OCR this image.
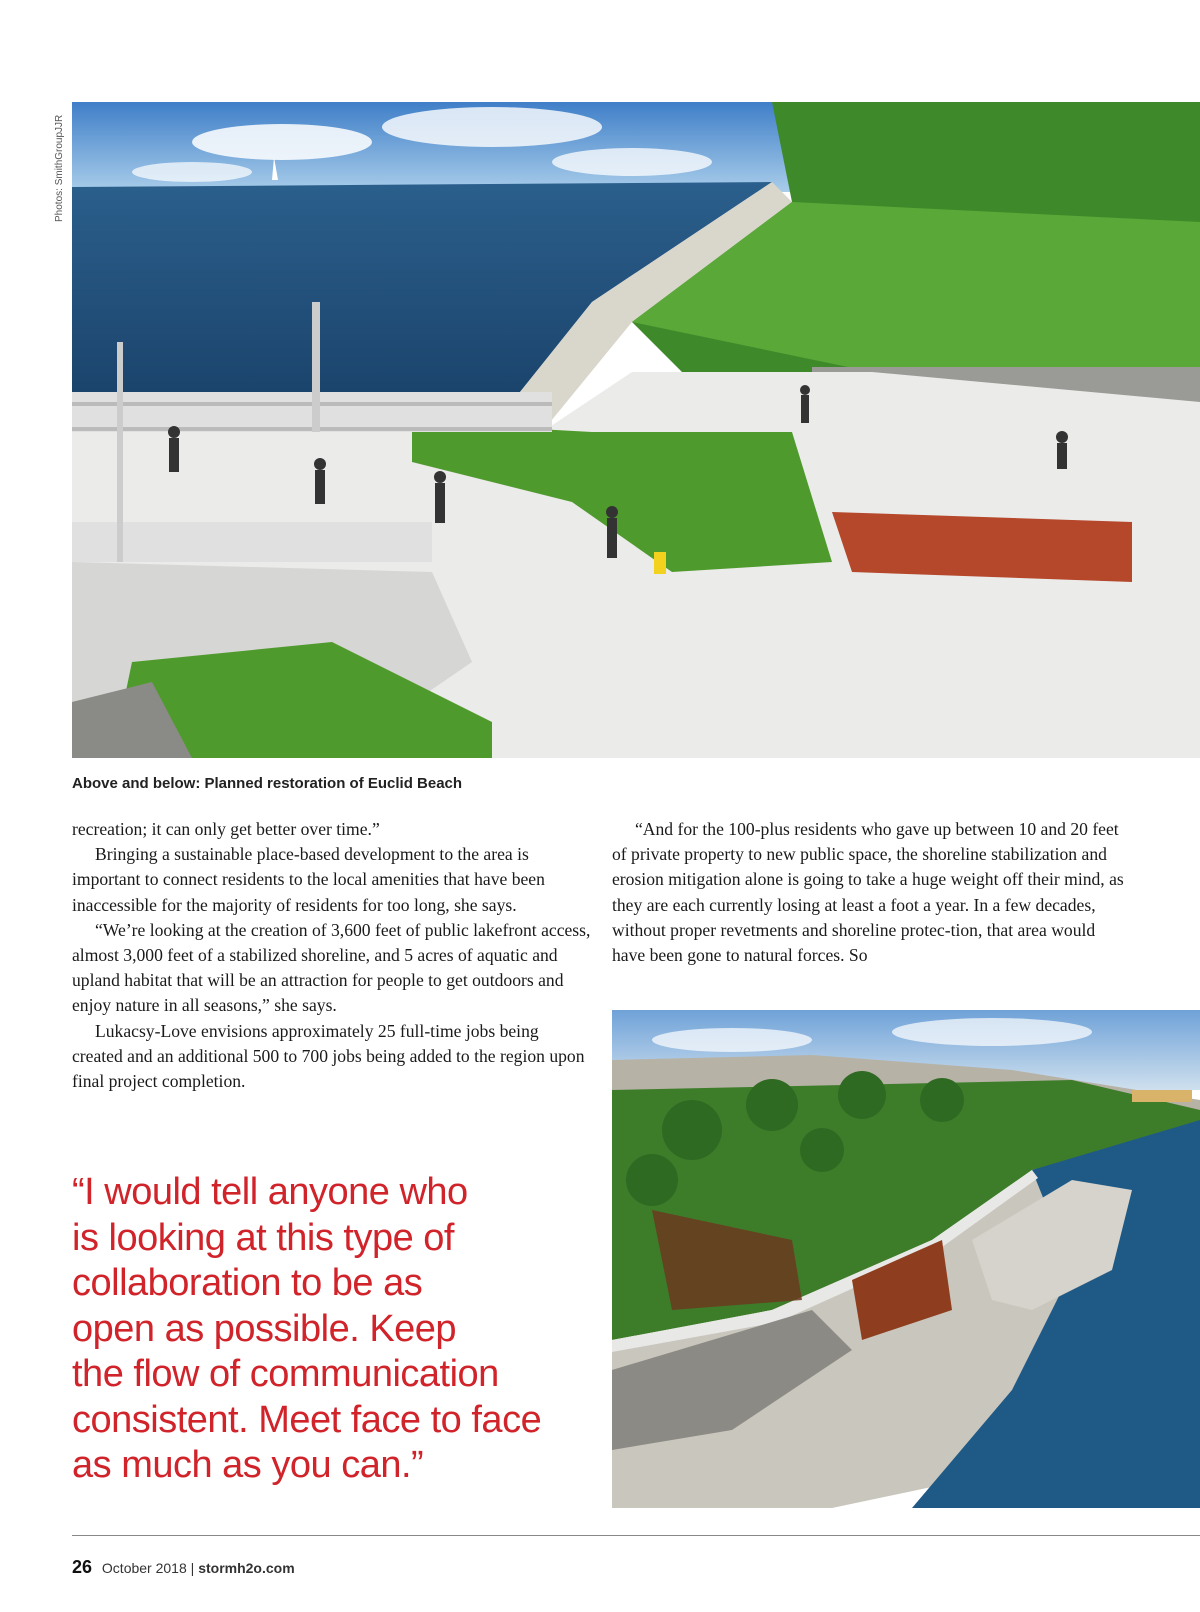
Photos: SmithGroupJJR
Above and below: Planned restoration of Euclid Beach

recreation; it can only get better over time.”

Bringing a sustainable place-based development to the area is important to connect residents to the local amenities that have been inaccessible for the majority of residents for too long, she says.

“We’re looking at the creation of 3,600 feet of public lakefront access, almost 3,000 feet of a stabilized shoreline, and 5 acres of aquatic and upland habitat that will be an attraction for people to get outdoors and enjoy nature in all seasons,” she says.

Lukacsy-Love envisions approximately 25 full-time jobs being created and an additional 500 to 700 jobs being added to the region upon final project completion.

“And for the 100-plus residents who gave up between 10 and 20 feet of private property to new public space, the shoreline stabilization and erosion mitigation alone is going to take a huge weight off their mind, as they are each currently losing at least a foot a year. In a few decades, without proper revetments and shoreline protec-tion, that area would have been gone to natural forces. So

“I would tell anyone who
is looking at this type of
collaboration to be as
open as possible. Keep
the flow of communication
consistent. Meet face to face
as much as you can.”
26 October 2018 | stormh2o.com
